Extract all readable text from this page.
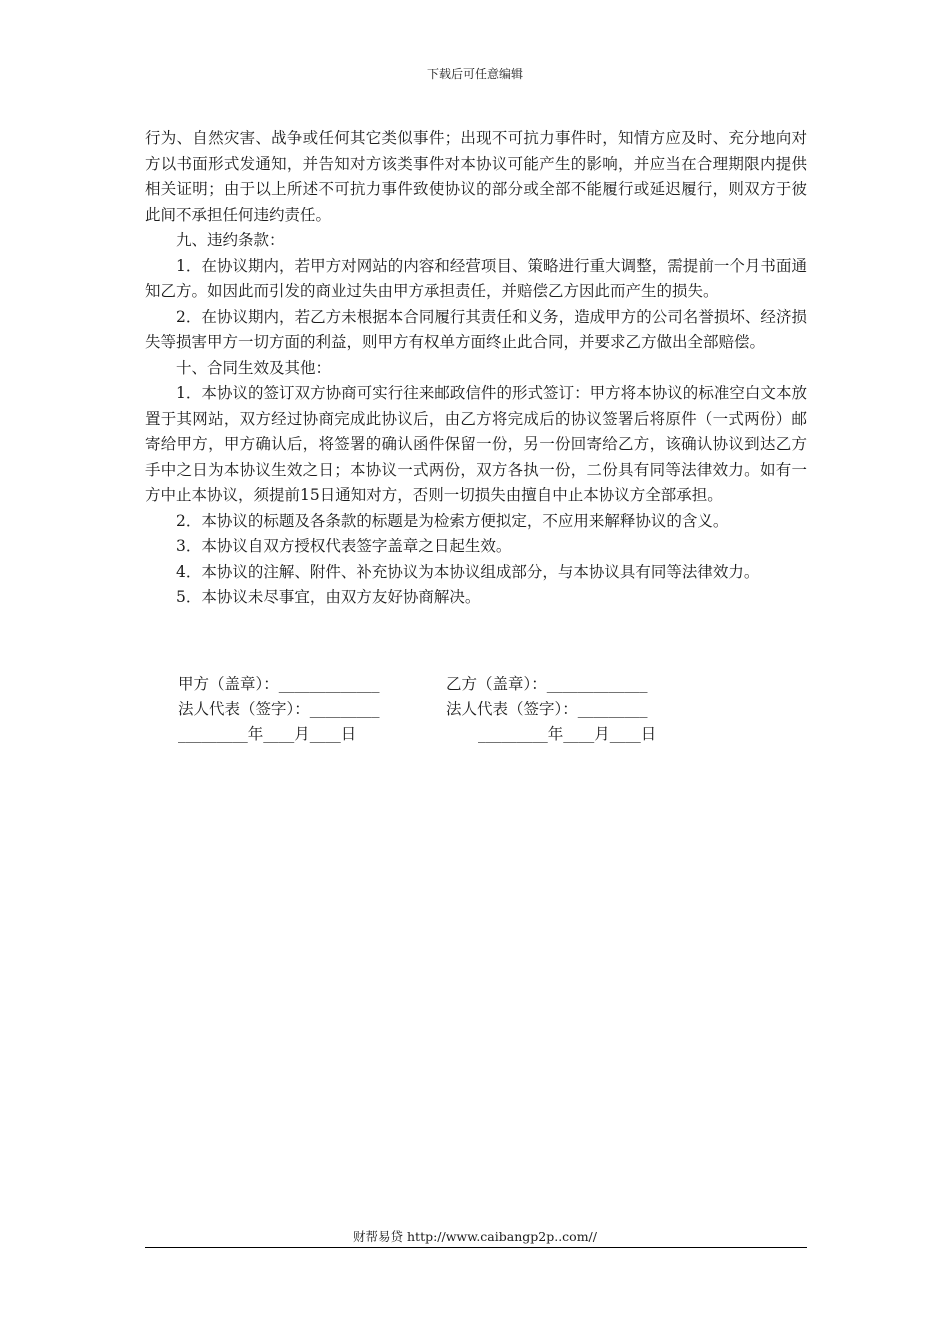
下载后可任意编辑

行为、自然灾害、战争或任何其它类似事件；出现不可抗力事件时，知情方应及时、充分地向对方以书面形式发通知，并告知对方该类事件对本协议可能产生的影响，并应当在合理期限内提供相关证明；由于以上所述不可抗力事件致使协议的部分或全部不能履行或延迟履行，则双方于彼此间不承担任何违约责任。

九、违约条款：

1．在协议期内，若甲方对网站的内容和经营项目、策略进行重大调整，需提前一个月书面通知乙方。如因此而引发的商业过失由甲方承担责任，并赔偿乙方因此而产生的损失。

2．在协议期内，若乙方未根据本合同履行其责任和义务，造成甲方的公司名誉损坏、经济损失等损害甲方一切方面的利益，则甲方有权单方面终止此合同，并要求乙方做出全部赔偿。

十、合同生效及其他：

1．本协议的签订双方协商可实行往来邮政信件的形式签订：甲方将本协议的标准空白文本放置于其网站，双方经过协商完成此协议后，由乙方将完成后的协议签署后将原件（一式两份）邮寄给甲方，甲方确认后，将签署的确认函件保留一份，另一份回寄给乙方，该确认协议到达乙方手中之日为本协议生效之日；本协议一式两份，双方各执一份，二份具有同等法律效力。如有一方中止本协议，须提前15日通知对方，否则一切损失由擅自中止本协议方全部承担。

2．本协议的标题及各条款的标题是为检索方便拟定，不应用来解释协议的含义。

3．本协议自双方授权代表签字盖章之日起生效。

4．本协议的注解、附件、补充协议为本协议组成部分，与本协议具有同等法律效力。

5．本协议未尽事宜，由双方友好协商解决。

甲方（盖章）：_____________	乙方（盖章）：_____________
法人代表（签字）：_________	法人代表（签字）：_________
_________年____月____日	_________年____月____日
财帮易贷 http://www.caibangp2p..com//
